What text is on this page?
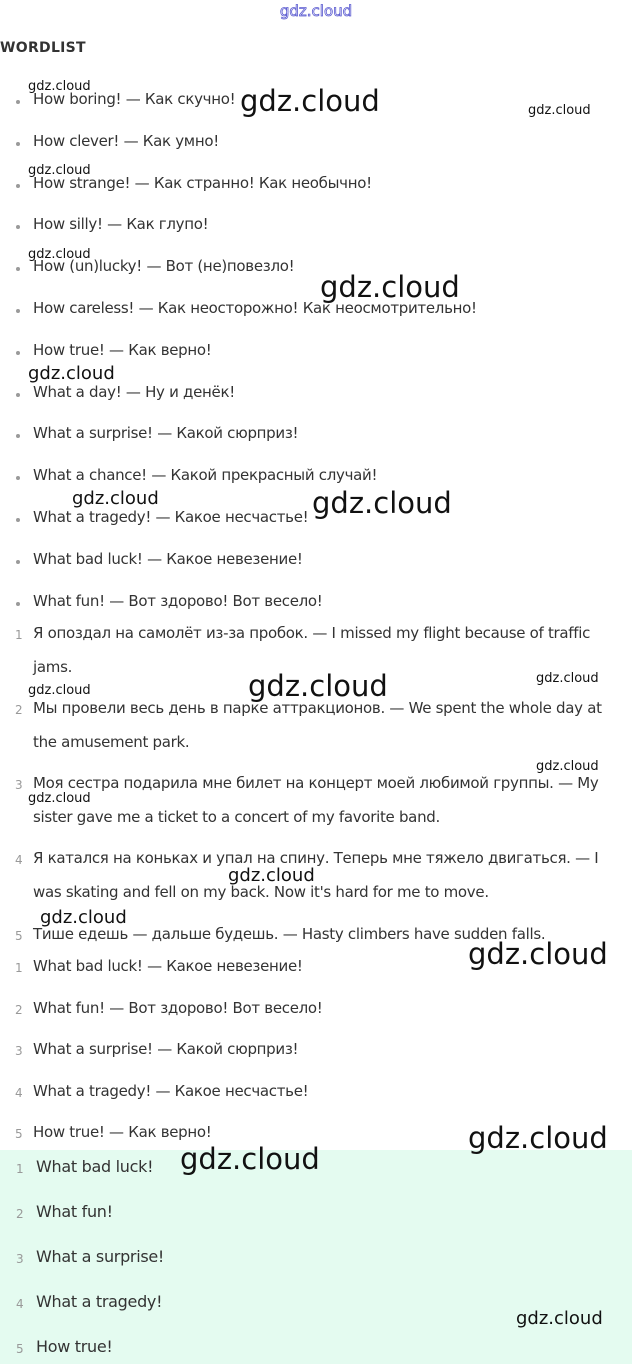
gdz.cloud
WORDLIST
How boring! — Как скучно!
How clever! — Как умно!
How strange! — Как странно! Как необычно!
How silly! — Как глупо!
How (un)lucky! — Вот (не)повезло!
How careless! — Как неосторожно! Как неосмотрительно!
How true! — Как верно!
What a day! — Ну и денёк!
What a surprise! — Какой сюрприз!
What a chance! — Какой прекрасный случай!
What a tragedy! — Какое несчастье!
What bad luck! — Какое невезение!
What fun! — Вот здорово! Вот весело!
1 Я опоздал на самолёт из-за пробок. — I missed my flight because of traffic
jams.
2 Мы провели весь день в парке аттракционов. — We spent the whole day at
the amusement park.
3 Моя сестра подарила мне билет на концерт моей любимой группы. — My
sister gave me a ticket to a concert of my favorite band.
4 Я катался на коньках и упал на спину. Теперь мне тяжело двигаться. — I
was skating and fell on my back. Now it's hard for me to move.
5 Тише едешь — дальше будешь. — Hasty climbers have sudden falls.
1 What bad luck! — Какое невезение!
2 What fun! — Вот здорово! Вот весело!
3 What a surprise! — Какой сюрприз!
4 What a tragedy! — Какое несчастье!
5 How true! — Как верно!
1 What bad luck!
2 What fun!
3 What a surprise!
4 What a tragedy!
5 How true!
gdz.cloud	gdz.cloud	gdz.cloud
gdz.cloud
gdz.cloud
gdz.cloud
gdz.cloud
gdz.cloud	gdz.cloud
gdz.cloud	gdz.cloud	gdz.cloud
gdz.cloud
gdz.cloud
gdz.cloud
gdz.cloud
gdz.cloud
gdz.cloud
gdz.cloud
gdz.cloud
